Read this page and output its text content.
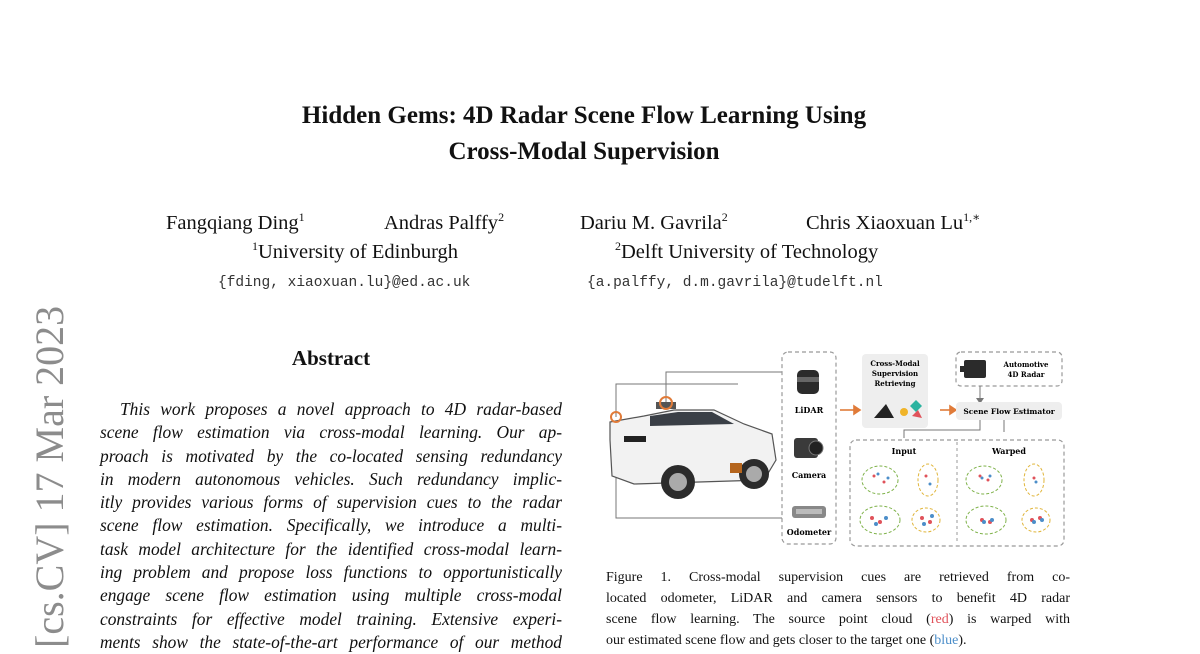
Hidden Gems: 4D Radar Scene Flow Learning Using
Cross-Modal Supervision
Fangqiang Ding$^1$	Andras Palffy$^2$	Dariu M. Gavrila$^2$	Chris Xiaoxuan $Lu^{1,∗}$
$^1$University of Edinburgh	$^2$Delft University of Technology
{fding, xiaoxuan.lu}@ed.ac.uk	{a.palffy, d.m.gavrila}@tudelft.nl
[cs.CV] 17 Mar 2023	Abstract
This work proposes a novel approach to 4D radar-based
scene flow estimation via cross-modal learning. Our ap-
proach is motivated by the co-located sensing redundancy
in modern autonomous vehicles. Such redundancy implic-
itly provides various forms of supervision cues to the radar
scene flow estimation. Specifically, we introduce a multi-
task model architecture for the identified cross-modal learn-
ing problem and propose loss functions to opportunistically
engage scene flow estimation using multiple cross-modal
constraints for effective model training. Extensive experi-
ments show the state-of-the-art performance of our method
LiDAR
Camera
Odometer
Cross-Modal
Supervision
Retrieving
Automotive
4D Radar
Scene Flow Estimator
Input	Warped
Figure 1. Cross-modal supervision cues are retrieved from co-
located odometer, LiDAR and camera sensors to benefit 4D radar
scene flow learning. The source point cloud (red) is warped with
our estimated scene flow and gets closer to the target one (blue).
